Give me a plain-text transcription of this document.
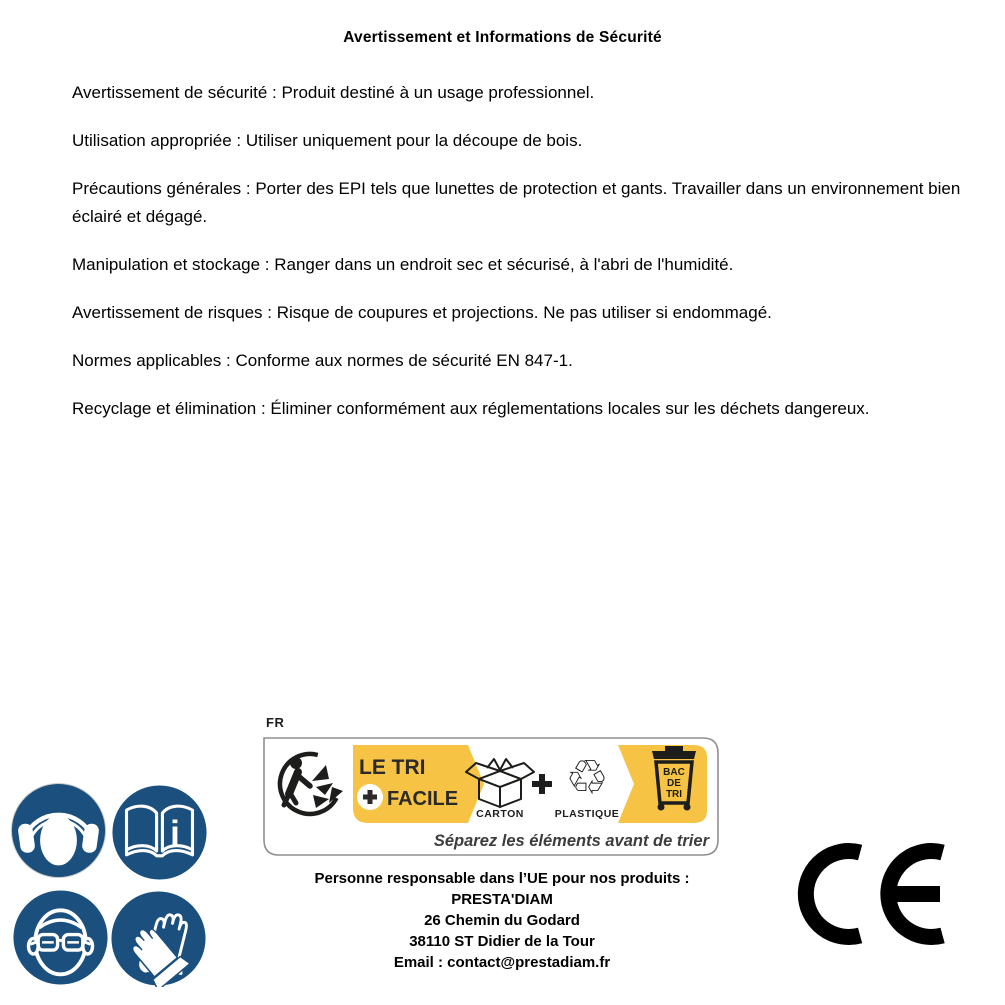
Avertissement et Informations de Sécurité

Avertissement de sécurité : Produit destiné à un usage professionnel.

Utilisation appropriée : Utiliser uniquement pour la découpe de bois.

Précautions générales : Porter des EPI tels que lunettes de protection et gants. Travailler dans un environnement bien éclairé et dégagé.

Manipulation et stockage : Ranger dans un endroit sec et sécurisé, à l'abri de l'humidité.

Avertissement de risques : Risque de coupures et projections. Ne pas utiliser si endommagé.

Normes applicables : Conforme aux normes de sécurité EN 847-1.

Recyclage et élimination : Éliminer conformément aux réglementations locales sur les déchets dangereux.

FR
LE TRI
FACILE
CARTON
♲
PLASTIQUE
BAC
DE
TRI
Séparez les éléments avant de trier
i
Personne responsable dans l’UE pour nos produits :
PRESTA'DIAM
26 Chemin du Godard
38110 ST Didier de la Tour
Email : contact@prestadiam.fr
